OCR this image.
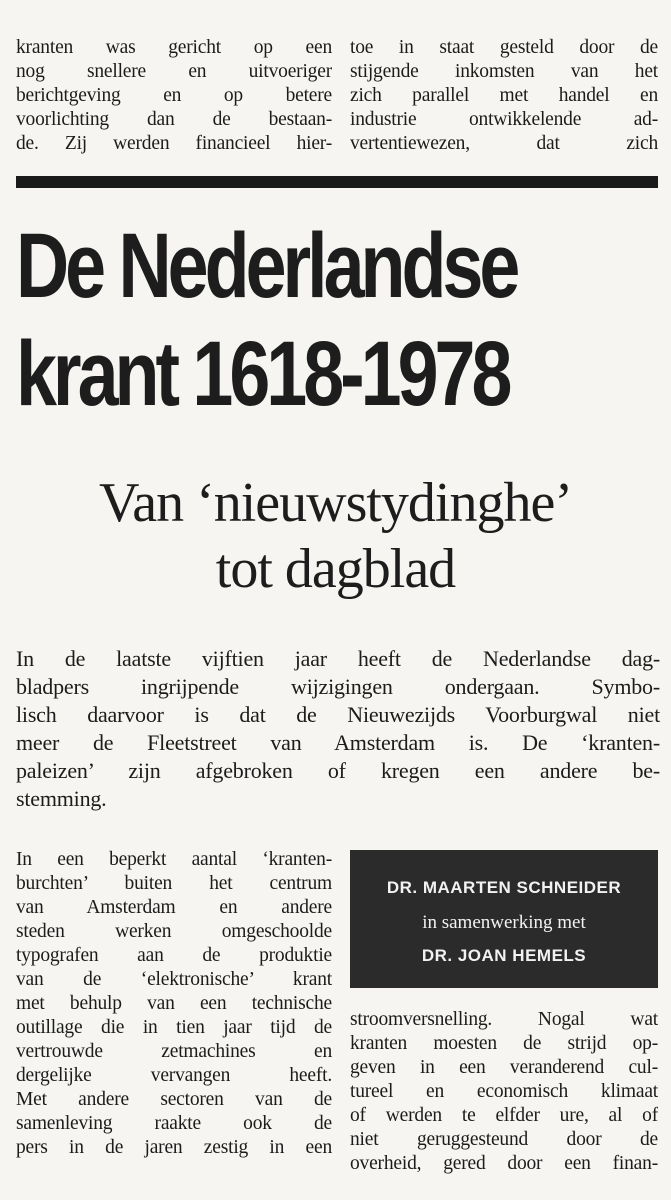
kranten was gericht op een
nog snellere en uitvoeriger
berichtgeving en op betere
voorlichting dan de bestaan-
de. Zij werden financieel hier-
toe in staat gesteld door de
stijgende inkomsten van het
zich parallel met handel en
industrie ontwikkelende ad-
vertentiewezen, dat zich
De Nederlandse
krant 1618-1978
Van ‘nieuwstydinghe’
tot dagblad
In de laatste vijftien jaar heeft de Nederlandse dag-
bladpers ingrijpende wijzigingen ondergaan. Symbo-
lisch daarvoor is dat de Nieuwezijds Voorburgwal niet
meer de Fleetstreet van Amsterdam is. De ‘kranten-
paleizen’ zijn afgebroken of kregen een andere be-
stemming.
DR. MAARTEN SCHNEIDER
in samenwerking met
DR. JOAN HEMELS
In een beperkt aantal ‘kranten-
burchten’ buiten het centrum
van Amsterdam en andere
steden werken omgeschoolde
typografen aan de produktie
van de ‘elektronische’ krant
met behulp van een technische
outillage die in tien jaar tijd de
vertrouwde zetmachines en
dergelijke vervangen heeft.
Met andere sectoren van de
samenleving raakte ook de
pers in de jaren zestig in een
stroomversnelling. Nogal wat
kranten moesten de strijd op-
geven in een veranderend cul-
tureel en economisch klimaat
of werden te elfder ure, al of
niet geruggesteund door de
overheid, gered door een finan-
